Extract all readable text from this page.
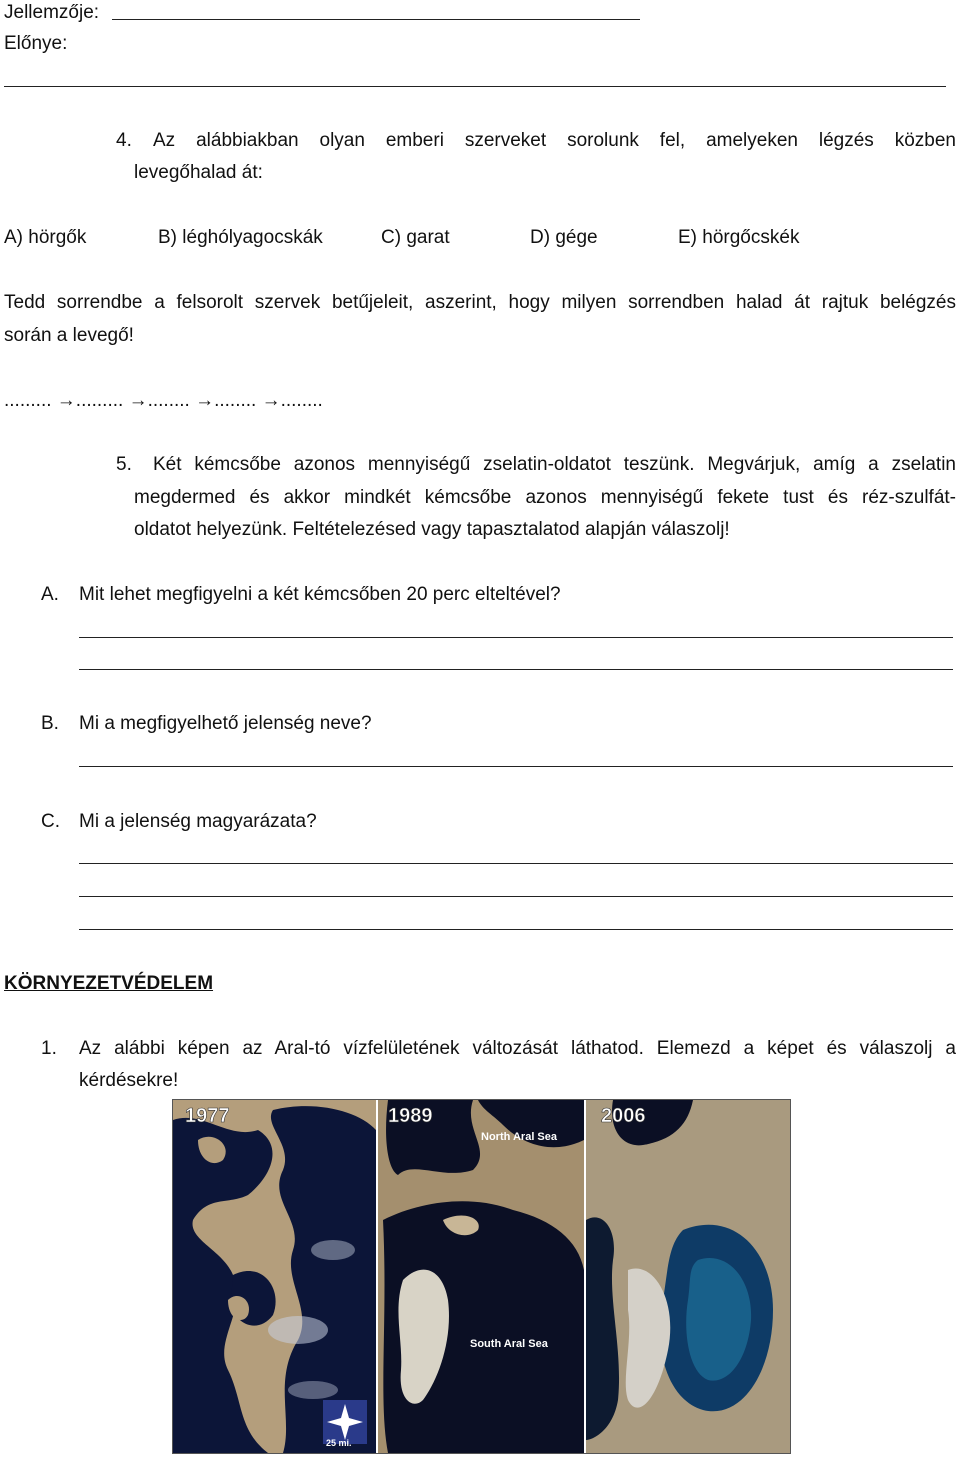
Jellemzője:
Előnye:
4. Az alábbiakban olyan emberi szerveket sorolunk fel, amelyeken légzés közben
levegőhalad át:
A) hörgők	B) léghólyagocskák	C) garat	D) gége	E) hörgőcskék
Tedd sorrendbe a felsorolt szervek betűjeleit, aszerint, hogy milyen sorrendben halad át rajtuk belégzés
során a levegő!
......... →......... →........ →........ →........
5. Két kémcsőbe azonos mennyiségű zselatin-oldatot teszünk. Megvárjuk, amíg a zselatin
megdermed és akkor mindkét kémcsőbe azonos mennyiségű fekete tust és réz-szulfát-
oldatot helyezünk. Feltételezésed vagy tapasztalatod alapján válaszolj!
A. Mit lehet megfigyelni a két kémcsőben 20 perc elteltével?
B. Mi a megfigyelhető jelenség neve?
C. Mi a jelenség magyarázata?
KÖRNYEZETVÉDELEM
1. Az alábbi képen az Aral-tó vízfelületének változását láthatod. Elemezd a képet és válaszolj a
kérdésekre!
1977	1989	2006
North Aral Sea
South Aral Sea
25 mi.
